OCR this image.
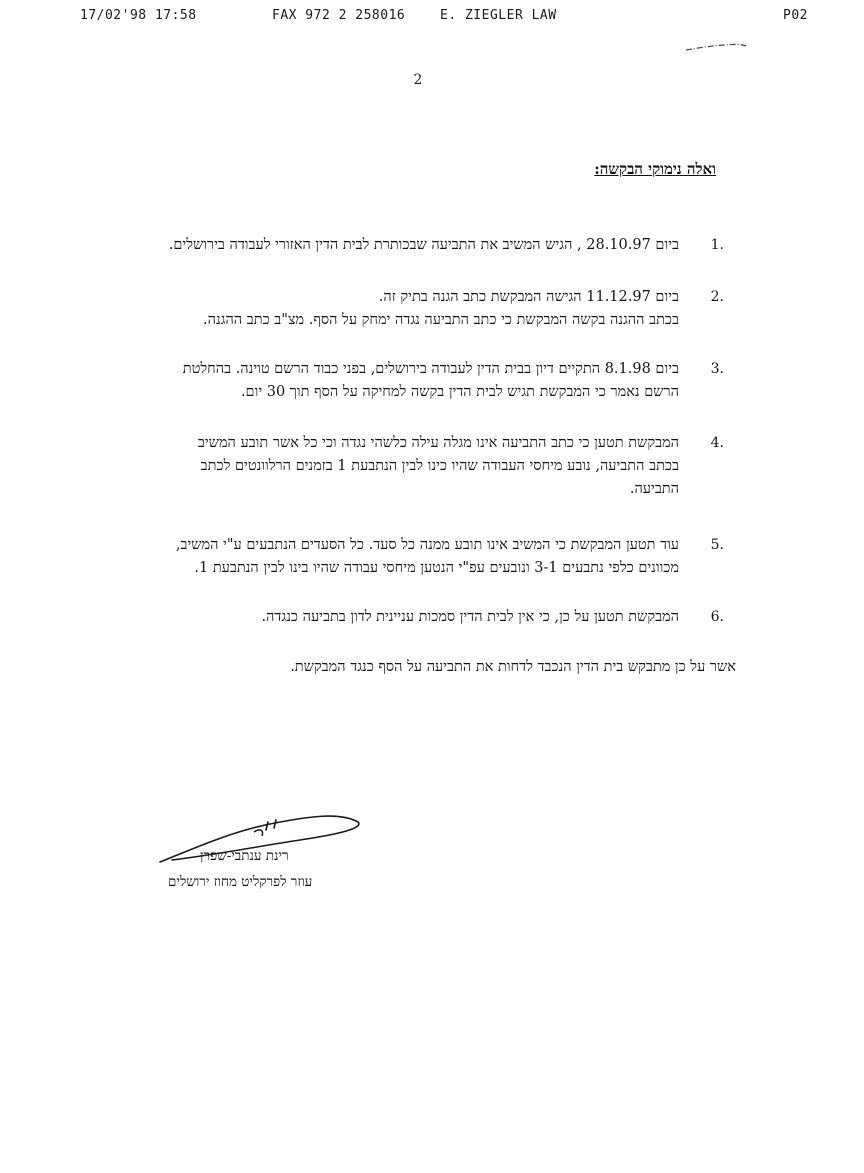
17/02'98 17:58	FAX 972 2 258016	E. ZIEGLER LAW	P02
2
ואלה נימוקי הבקשה:
1.
ביום 28.10.97 , הגיש המשיב את התביעה שבכותרת לבית הדין האזורי לעבודה בירושלים.
2.
ביום 11.12.97 הגישה המבקשת כתב הגנה בתיק זה.
בכתב ההגנה בקשה המבקשת כי כתב התביעה נגדה ימחק על הסף. מצ"ב כתב ההגנה.
3.
ביום 8.1.98 התקיים דיון בבית הדין לעבודה בירושלים, בפני כבוד הרשם טוינה. בהחלטת
הרשם נאמר כי המבקשת תגיש לבית הדין בקשה למחיקה על הסף תוך 30 יום.
4.
המבקשת תטען כי כתב התביעה אינו מגלה עילה כלשהי נגדה וכי כל אשר תובע המשיב
בכתב התביעה, נובע מיחסי העבודה שהיו כינו לבין הנתבעת 1 בזמנים הרלוונטים לכתב
התביעה.
5.
עוד תטען המבקשת כי המשיב אינו תובע ממנה כל סעד. כל הסעדים הנתבעים ע"י המשיב,
מכוונים כלפי נתבעים 3-1 ונובעים עפ"י הנטען מיחסי עבודה שהיו בינו לבין הנתבעת 1.
6.
המבקשת תטען על כן, כי אין לבית הדין סמכות עניינית לדון בתביעה כנגדה.
אשר על כן מתבקש בית הדין הנכבד לדחות את התביעה על הסף כנגד המבקשת.
רינת ענתבי-שפרן
עוזר לפרקליט מחוז ירושלים
